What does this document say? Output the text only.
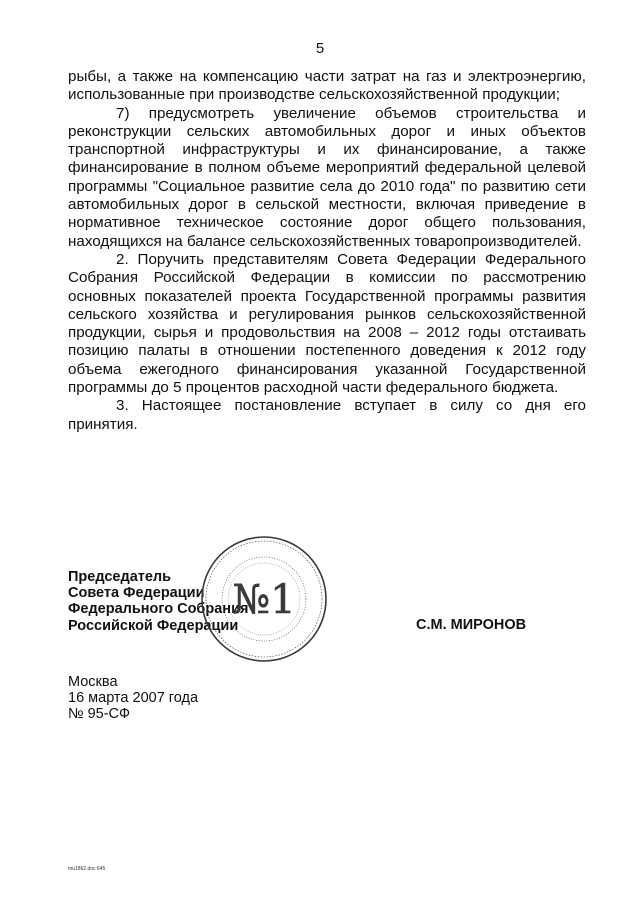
5

рыбы, а также на компенсацию части затрат на газ и электроэнергию, использованные при производстве сельскохозяйственной продукции;

7) предусмотреть увеличение объемов строительства и реконструкции сельских автомобильных дорог и иных объектов транспортной инфраструктуры и их финансирование, а также финансирование в полном объеме мероприятий федеральной целевой программы "Социальное развитие села до 2010 года" по развитию сети автомобильных дорог в сельской местности, включая приведение в нормативное техническое состояние дорог общего пользования, находящихся на балансе сельскохозяйственных товаропроизводителей.

2. Поручить представителям Совета Федерации Федерального Собрания Российской Федерации в комиссии по рассмотрению основных показателей проекта Государственной программы развития сельского хозяйства и регулирования рынков сельскохозяйственной продукции, сырья и продовольствия на 2008 – 2012 годы отстаивать позицию палаты в отношении постепенного доведения к 2012 году объема ежегодного финансирования указанной Государственной программы до 5 процентов расходной части федерального бюджета.

3. Настоящее постановление вступает в силу со дня его принятия.

Председатель
Совета Федерации
Федерального Собрания
Российской Федерации
№1
С.М. МИРОНОВ
Москва
16 марта 2007 года
№ 95-СФ
mu1862.doc 645
